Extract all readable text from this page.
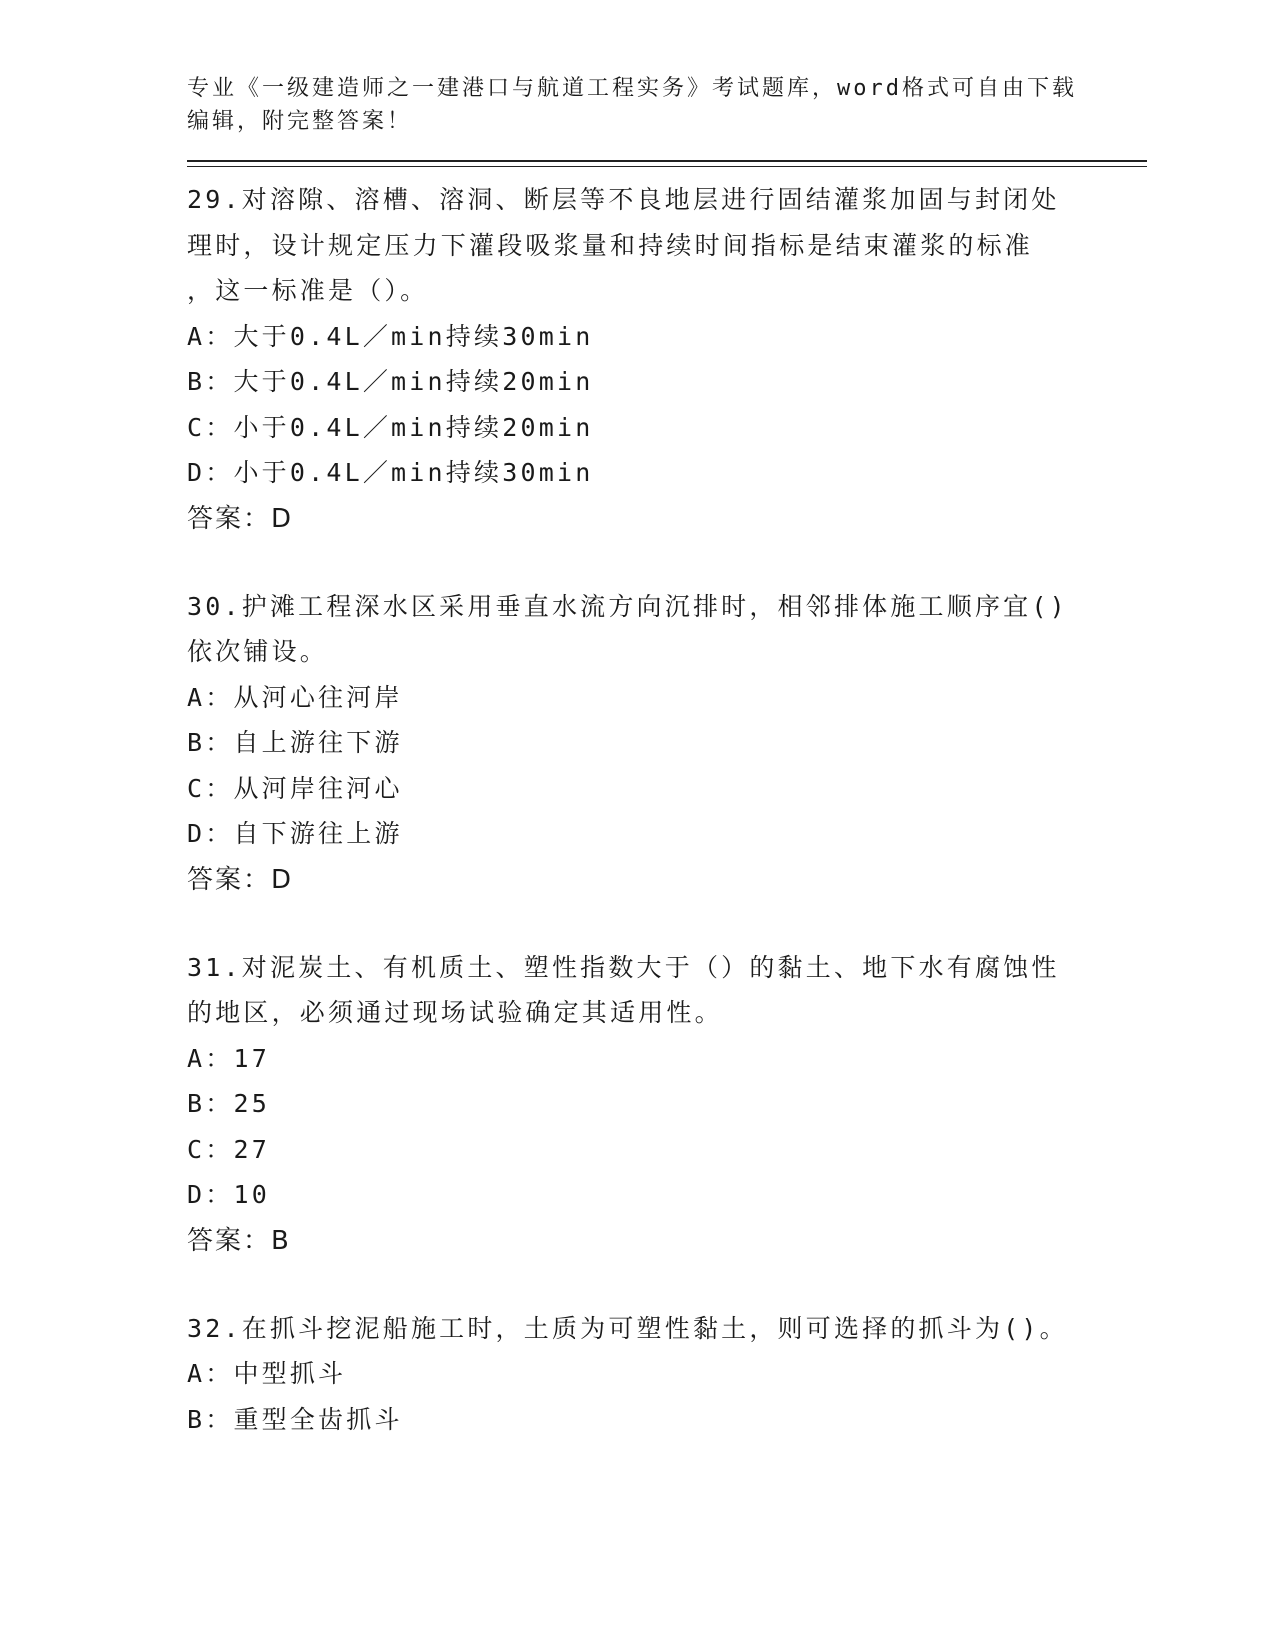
专业《一级建造师之一建港口与航道工程实务》考试题库，word格式可自由下载

编辑，附完整答案！

29.对溶隙、溶槽、溶洞、断层等不良地层进行固结灌浆加固与封闭处

理时，设计规定压力下灌段吸浆量和持续时间指标是结束灌浆的标准

，这一标准是（）。

A：大于0.4L／min持续30min

B：大于0.4L／min持续20min

C：小于0.4L／min持续20min

D：小于0.4L／min持续30min

答案：D

30.护滩工程深水区采用垂直水流方向沉排时，相邻排体施工顺序宜()

依次铺设。

A：从河心往河岸

B：自上游往下游

C：从河岸往河心

D：自下游往上游

答案：D

31.对泥炭土、有机质土、塑性指数大于（）的黏土、地下水有腐蚀性

的地区，必须通过现场试验确定其适用性。

A：17

B：25

C：27

D：10

答案：B

32.在抓斗挖泥船施工时，土质为可塑性黏土，则可选择的抓斗为()。

A：中型抓斗

B：重型全齿抓斗
